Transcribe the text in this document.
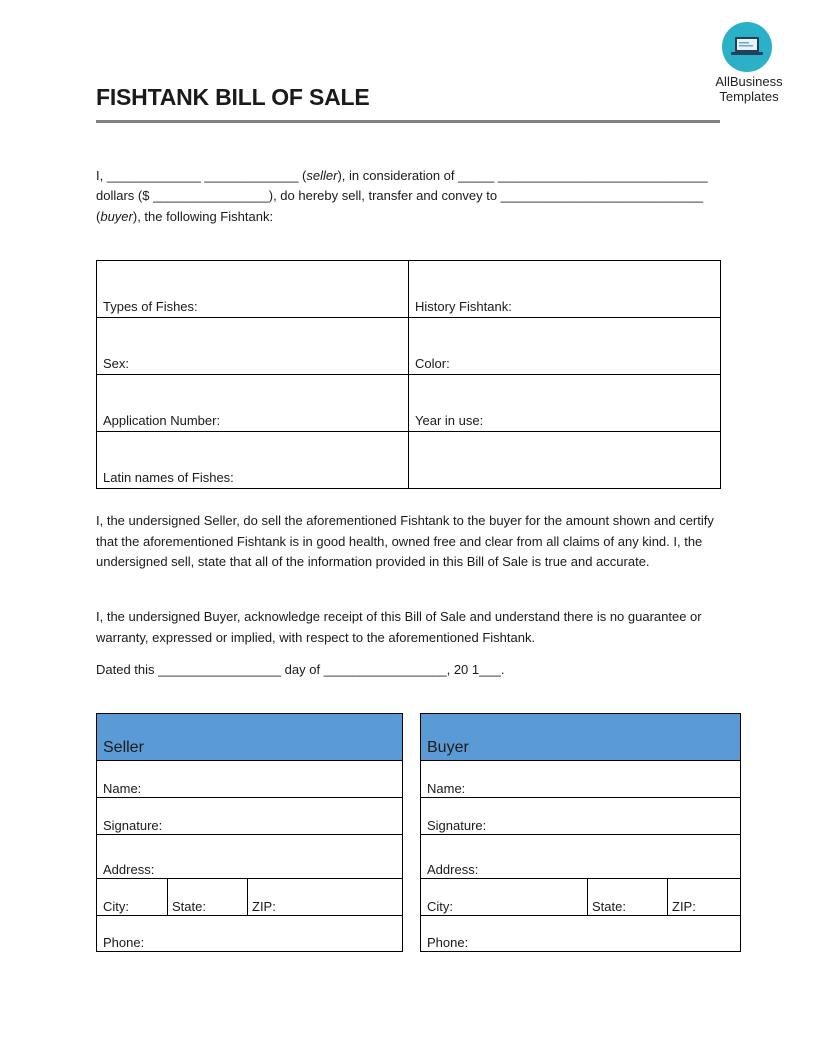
AllBusiness
Templates
FISHTANK BILL OF SALE
I, _____________ _____________ (seller), in consideration of _____ _____________________________
dollars ($ ________________), do hereby sell, transfer and convey to ____________________________
(buyer), the following Fishtank:
Types of Fishes:	History Fishtank:
Sex:	Color:
Application Number:	Year in use:
Latin names of Fishes:	
I, the undersigned Seller, do sell the aforementioned Fishtank to the buyer for the amount shown and certify that the aforementioned Fishtank is in good health, owned free and clear from all claims of any kind. I, the undersigned sell, state that all of the information provided in this Bill of Sale is true and accurate.
I, the undersigned Buyer, acknowledge receipt of this Bill of Sale and understand there is no guarantee or warranty, expressed or implied, with respect to the aforementioned Fishtank.
Dated this _________________ day of _________________, 20 1___.
Seller
Name:
Signature:
Address:
City:	State:	ZIP:
Phone:
Buyer
Name:
Signature:
Address:
City:	State:	ZIP:
Phone:
